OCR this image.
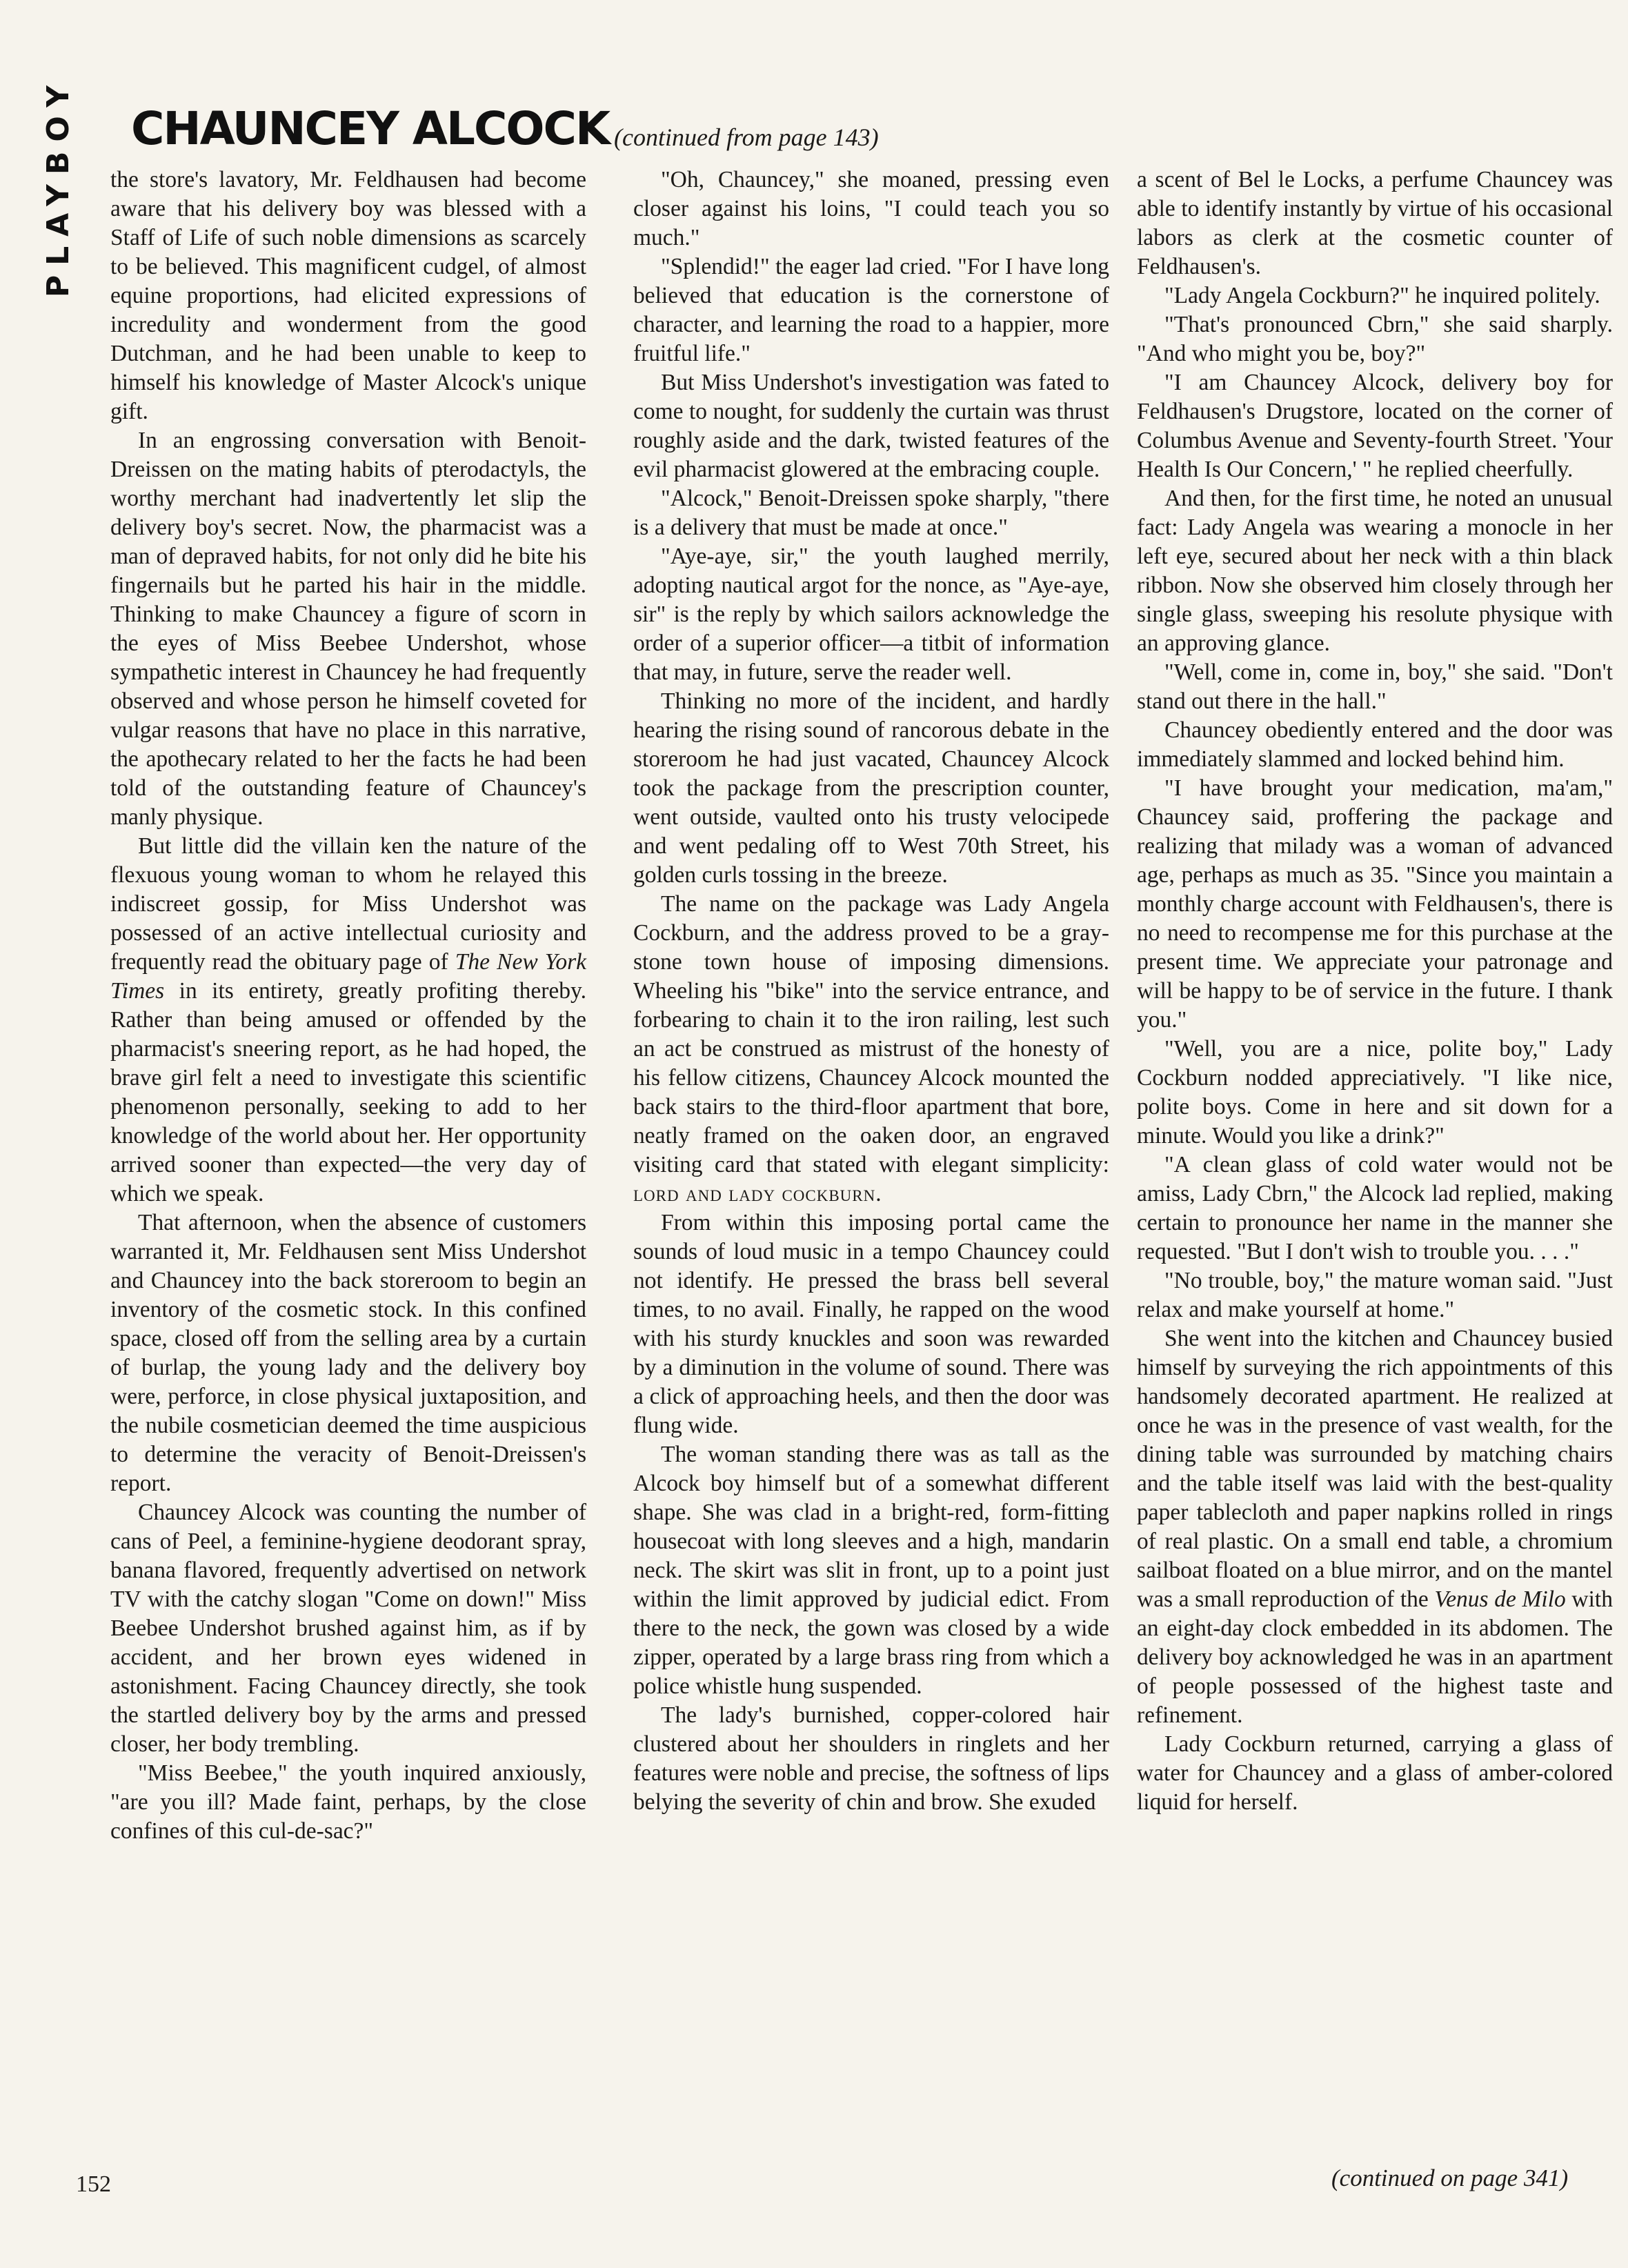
PLAYBOY CHAUNCEY ALCOCK (continued from page 143)

the store's lavatory, Mr. Feldhausen had become aware that his delivery boy was blessed with a Staff of Life of such noble dimensions as scarcely to be believed. This magnificent cudgel, of almost equine proportions, had elicited expressions of incredulity and wonderment from the good Dutchman, and he had been unable to keep to himself his knowledge of Master Alcock's unique gift.

In an engrossing conversation with Benoit-Dreissen on the mating habits of pterodactyls, the worthy merchant had inadvertently let slip the delivery boy's secret. Now, the pharmacist was a man of depraved habits, for not only did he bite his fingernails but he parted his hair in the middle. Thinking to make Chauncey a figure of scorn in the eyes of Miss Beebee Undershot, whose sympathetic interest in Chauncey he had frequently observed and whose person he himself coveted for vulgar reasons that have no place in this narrative, the apothecary related to her the facts he had been told of the outstanding feature of Chauncey's manly physique.

But little did the villain ken the nature of the flexuous young woman to whom he relayed this indiscreet gossip, for Miss Undershot was possessed of an active intellectual curiosity and frequently read the obituary page of The New York Times in its entirety, greatly profiting thereby. Rather than being amused or offended by the pharmacist's sneering report, as he had hoped, the brave girl felt a need to investigate this scientific phenomenon personally, seeking to add to her knowledge of the world about her. Her opportunity arrived sooner than expected—the very day of which we speak.

That afternoon, when the absence of customers warranted it, Mr. Feldhausen sent Miss Undershot and Chauncey into the back storeroom to begin an inventory of the cosmetic stock. In this confined space, closed off from the selling area by a curtain of burlap, the young lady and the delivery boy were, perforce, in close physical juxtaposition, and the nubile cosmetician deemed the time auspicious to determine the veracity of Benoit-Dreissen's report.

Chauncey Alcock was counting the number of cans of Peel, a feminine-hygiene deodorant spray, banana flavored, frequently advertised on network TV with the catchy slogan "Come on down!" Miss Beebee Undershot brushed against him, as if by accident, and her brown eyes widened in astonishment. Facing Chauncey directly, she took the startled delivery boy by the arms and pressed closer, her body trembling.

"Miss Beebee," the youth inquired anxiously, "are you ill? Made faint, perhaps, by the close confines of this cul-de-sac?"

"Oh, Chauncey," she moaned, pressing even closer against his loins, "I could teach you so much."

"Splendid!" the eager lad cried. "For I have long believed that education is the cornerstone of character, and learning the road to a happier, more fruitful life."

But Miss Undershot's investigation was fated to come to nought, for suddenly the curtain was thrust roughly aside and the dark, twisted features of the evil pharmacist glowered at the embracing couple.

"Alcock," Benoit-Dreissen spoke sharply, "there is a delivery that must be made at once."

"Aye-aye, sir," the youth laughed merrily, adopting nautical argot for the nonce, as "Aye-aye, sir" is the reply by which sailors acknowledge the order of a superior officer—a titbit of information that may, in future, serve the reader well.

Thinking no more of the incident, and hardly hearing the rising sound of rancorous debate in the storeroom he had just vacated, Chauncey Alcock took the package from the prescription counter, went outside, vaulted onto his trusty velocipede and went pedaling off to West 70th Street, his golden curls tossing in the breeze.

The name on the package was Lady Angela Cockburn, and the address proved to be a gray-stone town house of imposing dimensions. Wheeling his "bike" into the service entrance, and forbearing to chain it to the iron railing, lest such an act be construed as mistrust of the honesty of his fellow citizens, Chauncey Alcock mounted the back stairs to the third-floor apartment that bore, neatly framed on the oaken door, an engraved visiting card that stated with elegant simplicity: lord and lady cockburn.

From within this imposing portal came the sounds of loud music in a tempo Chauncey could not identify. He pressed the brass bell several times, to no avail. Finally, he rapped on the wood with his sturdy knuckles and soon was rewarded by a diminution in the volume of sound. There was a click of approaching heels, and then the door was flung wide.

The woman standing there was as tall as the Alcock boy himself but of a somewhat different shape. She was clad in a bright-red, form-fitting housecoat with long sleeves and a high, mandarin neck. The skirt was slit in front, up to a point just within the limit approved by judicial edict. From there to the neck, the gown was closed by a wide zipper, operated by a large brass ring from which a police whistle hung suspended.

The lady's burnished, copper-colored hair clustered about her shoulders in ringlets and her features were noble and precise, the softness of lips belying the severity of chin and brow. She exuded

a scent of Bel le Locks, a perfume Chauncey was able to identify instantly by virtue of his occasional labors as clerk at the cosmetic counter of Feldhausen's.

"Lady Angela Cockburn?" he inquired politely.

"That's pronounced Cbrn," she said sharply. "And who might you be, boy?"

"I am Chauncey Alcock, delivery boy for Feldhausen's Drugstore, located on the corner of Columbus Avenue and Seventy-fourth Street. 'Your Health Is Our Concern,' " he replied cheerfully.

And then, for the first time, he noted an unusual fact: Lady Angela was wearing a monocle in her left eye, secured about her neck with a thin black ribbon. Now she observed him closely through her single glass, sweeping his resolute physique with an approving glance.

"Well, come in, come in, boy," she said. "Don't stand out there in the hall."

Chauncey obediently entered and the door was immediately slammed and locked behind him.

"I have brought your medication, ma'am," Chauncey said, proffering the package and realizing that milady was a woman of advanced age, perhaps as much as 35. "Since you maintain a monthly charge account with Feldhausen's, there is no need to recompense me for this purchase at the present time. We appreciate your patronage and will be happy to be of service in the future. I thank you."

"Well, you are a nice, polite boy," Lady Cockburn nodded appreciatively. "I like nice, polite boys. Come in here and sit down for a minute. Would you like a drink?"

"A clean glass of cold water would not be amiss, Lady Cbrn," the Alcock lad replied, making certain to pronounce her name in the manner she requested. "But I don't wish to trouble you. . . ."

"No trouble, boy," the mature woman said. "Just relax and make yourself at home."

She went into the kitchen and Chauncey busied himself by surveying the rich appointments of this handsomely decorated apartment. He realized at once he was in the presence of vast wealth, for the dining table was surrounded by matching chairs and the table itself was laid with the best-quality paper tablecloth and paper napkins rolled in rings of real plastic. On a small end table, a chromium sailboat floated on a blue mirror, and on the mantel was a small reproduction of the Venus de Milo with an eight-day clock embedded in its abdomen. The delivery boy acknowledged he was in an apartment of people possessed of the highest taste and refinement.

Lady Cockburn returned, carrying a glass of water for Chauncey and a glass of amber-colored liquid for herself.

152	(continued on page 341)
